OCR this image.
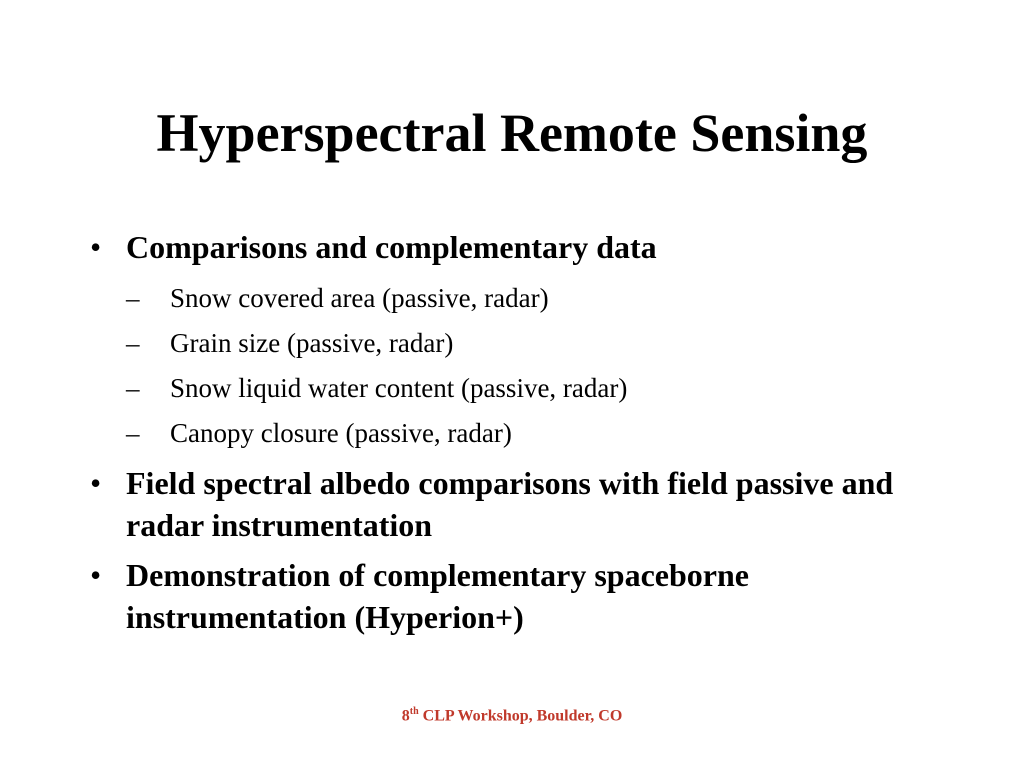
Hyperspectral Remote Sensing
• Comparisons and complementary data
– Snow covered area (passive, radar)
– Grain size (passive, radar)
– Snow liquid water content (passive, radar)
– Canopy closure (passive, radar)
• Field spectral albedo comparisons with field passive and radar instrumentation
• Demonstration of complementary spaceborne instrumentation (Hyperion+)
8th CLP Workshop, Boulder, CO
